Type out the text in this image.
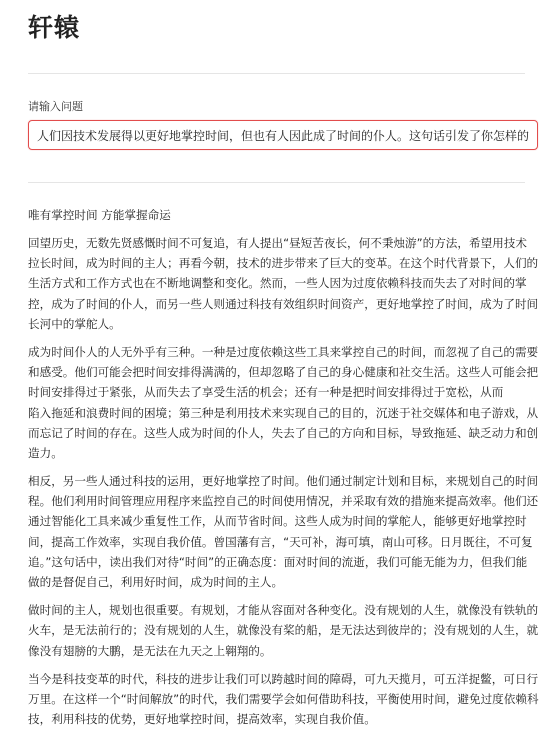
轩辕
请输入问题
人们因技术发展得以更好地掌控时间，但也有人因此成了时间的仆人。这句话引发了你怎样的联想与思考？请写一篇文章。
唯有掌控时间 方能掌握命运

回望历史，无数先贤感慨时间不可复追，有人提出“昼短苦夜长，何不秉烛游”的方法，希望用技术
拉长时间，成为时间的主人；再看今朝，技术的进步带来了巨大的变革。在这个时代背景下，人们的
生活方式和工作方式也在不断地调整和变化。然而，一些人因为过度依赖科技而失去了对时间的掌
控，成为了时间的仆人，而另一些人则通过科技有效组织时间资产，更好地掌控了时间，成为了时间
长河中的掌舵人。

成为时间仆人的人无外乎有三种。一种是过度依赖这些工具来掌控自己的时间，而忽视了自己的需要
和感受。他们可能会把时间安排得满满的，但却忽略了自己的身心健康和社交生活。这些人可能会把
时间安排得过于紧张，从而失去了享受生活的机会；还有一种是把时间安排得过于宽松，从而
陷入拖延和浪费时间的困境；第三种是利用技术来实现自己的目的，沉迷于社交媒体和电子游戏，从
而忘记了时间的存在。这些人成为时间的仆人，失去了自己的方向和目标，导致拖延、缺乏动力和创
造力。

相反，另一些人通过科技的运用，更好地掌控了时间。他们通过制定计划和目标，来规划自己的时间
程。他们利用时间管理应用程序来监控自己的时间使用情况，并采取有效的措施来提高效率。他们还
通过智能化工具来减少重复性工作，从而节省时间。这些人成为时间的掌舵人，能够更好地掌控时
间，提高工作效率，实现自我价值。曾国藩有言，“天可补，海可填，南山可移。日月既往，不可复
追。”这句话中，读出我们对待“时间”的正确态度：面对时间的流逝，我们可能无能为力，但我们能
做的是督促自己，利用好时间，成为时间的主人。

做时间的主人，规划也很重要。有规划，才能从容面对各种变化。没有规划的人生，就像没有铁轨的
火车，是无法前行的；没有规划的人生，就像没有桨的船，是无法达到彼岸的；没有规划的人生，就
像没有翅膀的大鹏，是无法在九天之上翱翔的。

当今是科技变革的时代，科技的进步让我们可以跨越时间的障碍，可九天揽月，可五洋捉鳖，可日行
万里。在这样一个“时间解放”的时代，我们需要学会如何借助科技，平衡使用时间，避免过度依赖科
技，利用科技的优势，更好地掌控时间，提高效率，实现自我价值。
